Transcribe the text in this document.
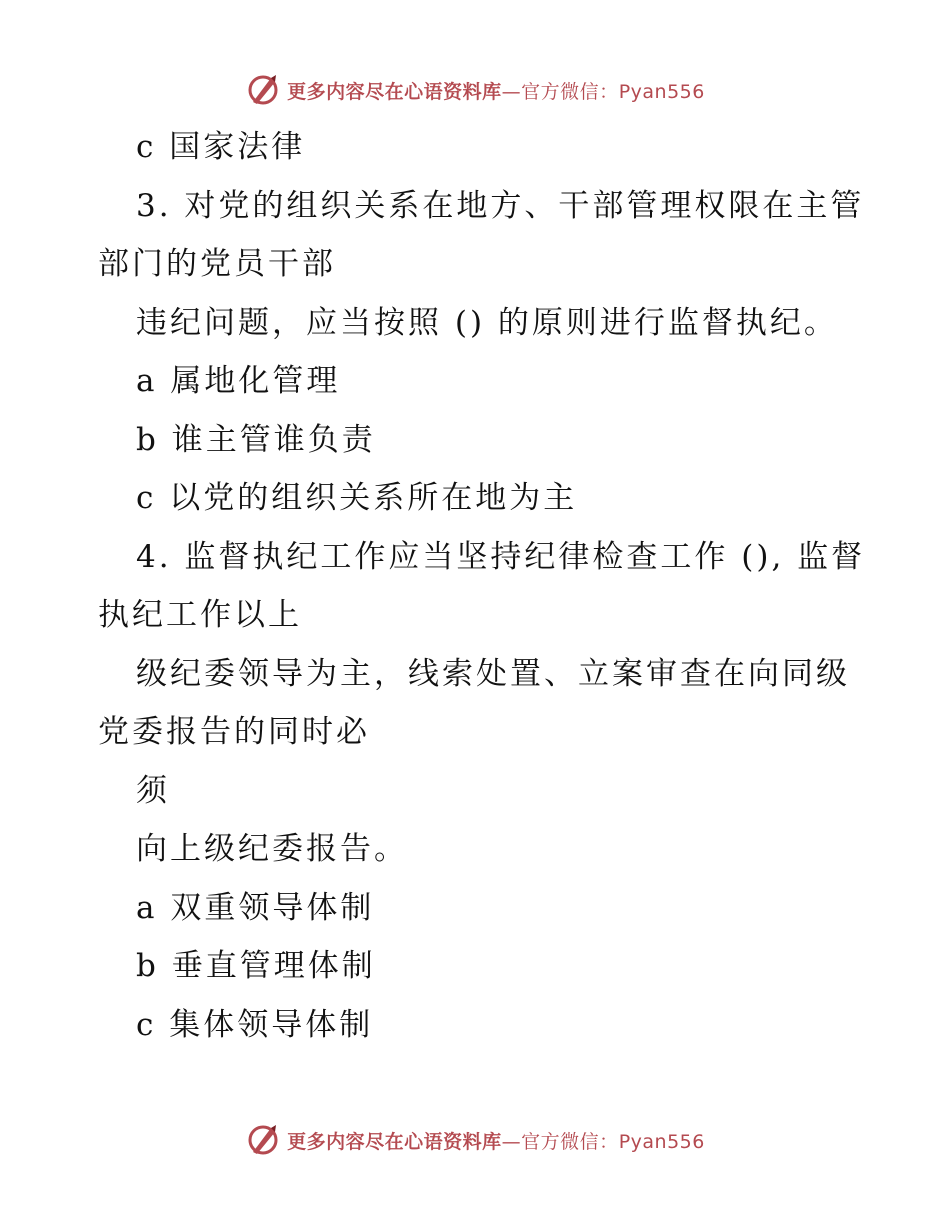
更多内容尽在心语资料库—官方微信：Pyan556
c 国家法律
3. 对党的组织关系在地方、干部管理权限在主管
部门的党员干部
违纪问题，应当按照 () 的原则进行监督执纪。
a 属地化管理
b 谁主管谁负责
c 以党的组织关系所在地为主
4. 监督执纪工作应当坚持纪律检查工作 (), 监督
执纪工作以上
级纪委领导为主，线索处置、立案审查在向同级
党委报告的同时必
须
向上级纪委报告。
a 双重领导体制
b 垂直管理体制
c 集体领导体制
更多内容尽在心语资料库—官方微信：Pyan556
